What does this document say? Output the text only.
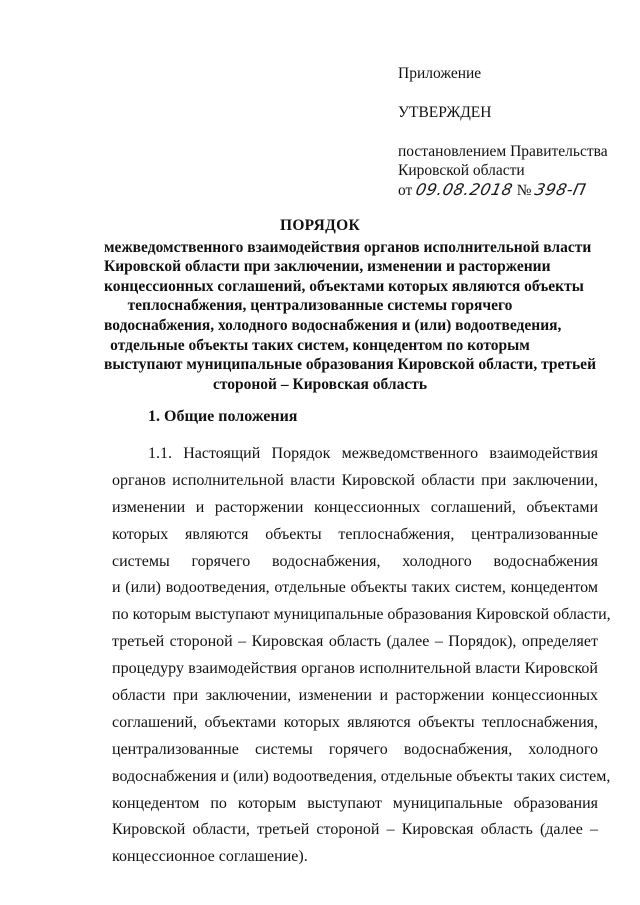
Приложение
УТВЕРЖДЕН
постановлением Правительства
Кировской области
от 09.08.2018 № 398-П
ПОРЯДОК
межведомственного взаимодействия органов исполнительной власти
Кировской области при заключении, изменении и расторжении
концессионных соглашений, объектами которых являются объекты
теплоснабжения, централизованные системы горячего
водоснабжения, холодного водоснабжения и (или) водоотведения,
отдельные объекты таких систем, концедентом по которым
выступают муниципальные образования Кировской области, третьей
стороной – Кировская область
1. Общие положения
1.1. Настоящий Порядок межведомственного взаимодействия
органов исполнительной власти Кировской области при заключении,
изменении и расторжении концессионных соглашений, объектами
которых являются объекты теплоснабжения, централизованные
системы горячего водоснабжения, холодного водоснабжения
и (или) водоотведения, отдельные объекты таких систем, концедентом
по которым выступают муниципальные образования Кировской области,
третьей стороной – Кировская область (далее – Порядок), определяет
процедуру взаимодействия органов исполнительной власти Кировской
области при заключении, изменении и расторжении концессионных
соглашений, объектами которых являются объекты теплоснабжения,
централизованные системы горячего водоснабжения, холодного
водоснабжения и (или) водоотведения, отдельные объекты таких систем,
концедентом по которым выступают муниципальные образования
Кировской области, третьей стороной – Кировская область (далее –
концессионное соглашение).
